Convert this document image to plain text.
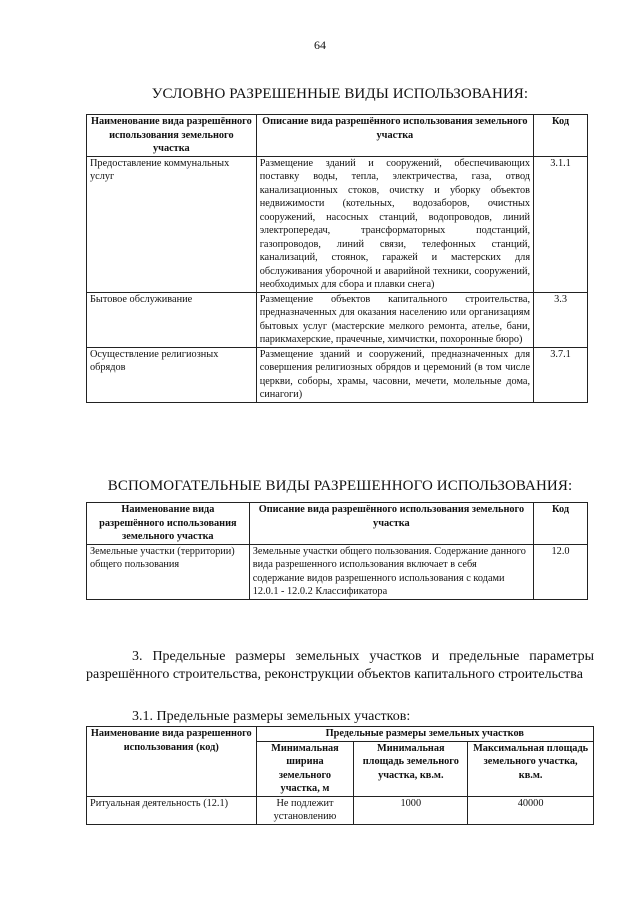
64
УСЛОВНО РАЗРЕШЕННЫЕ ВИДЫ ИСПОЛЬЗОВАНИЯ:
Наименование вида разрешённого использования земельного участка	Описание вида разрешённого использования земельного участка	Код
Предоставление коммунальных услуг	Размещение зданий и сооружений, обеспечивающих поставку воды, тепла, электричества, газа, отвод канализационных стоков, очистку и уборку объектов недвижимости (котельных, водозаборов, очистных сооружений, насосных станций, водопроводов, линий электропередач, трансформаторных подстанций, газопроводов, линий связи, телефонных станций, канализаций, стоянок, гаражей и мастерских для обслуживания уборочной и аварийной техники, сооружений, необходимых для сбора и плавки снега)	3.1.1
Бытовое обслуживание	Размещение объектов капитального строительства, предназначенных для оказания населению или организациям бытовых услуг (мастерские мелкого ремонта, ателье, бани, парикмахерские, прачечные, химчистки, похоронные бюро)	3.3
Осуществление религиозных обрядов	Размещение зданий и сооружений, предназначенных для совершения религиозных обрядов и церемоний (в том числе церкви, соборы, храмы, часовни, мечети, молельные дома, синагоги)	3.7.1
ВСПОМОГАТЕЛЬНЫЕ ВИДЫ РАЗРЕШЕННОГО ИСПОЛЬЗОВАНИЯ:
Наименование вида разрешённого использования земельного участка	Описание вида разрешённого использования земельного участка	Код
Земельные участки (территории) общего пользования	Земельные участки общего пользования. Содержание данного вида разрешенного использования включает в себя содержание видов разрешенного использования с кодами 12.0.1 - 12.0.2 Классификатора	12.0
3. Предельные размеры земельных участков и предельные параметры разрешённого строительства, реконструкции объектов капитального строительства
3.1. Предельные размеры земельных участков:
Наименование вида разрешенного использования (код)	Предельные размеры земельных участков		
	Минимальная ширина земельного участка, м	Минимальная площадь земельного участка, кв.м.	Максимальная площадь земельного участка, кв.м.
Ритуальная деятельность (12.1)	Не подлежит установлению	1000	40000
